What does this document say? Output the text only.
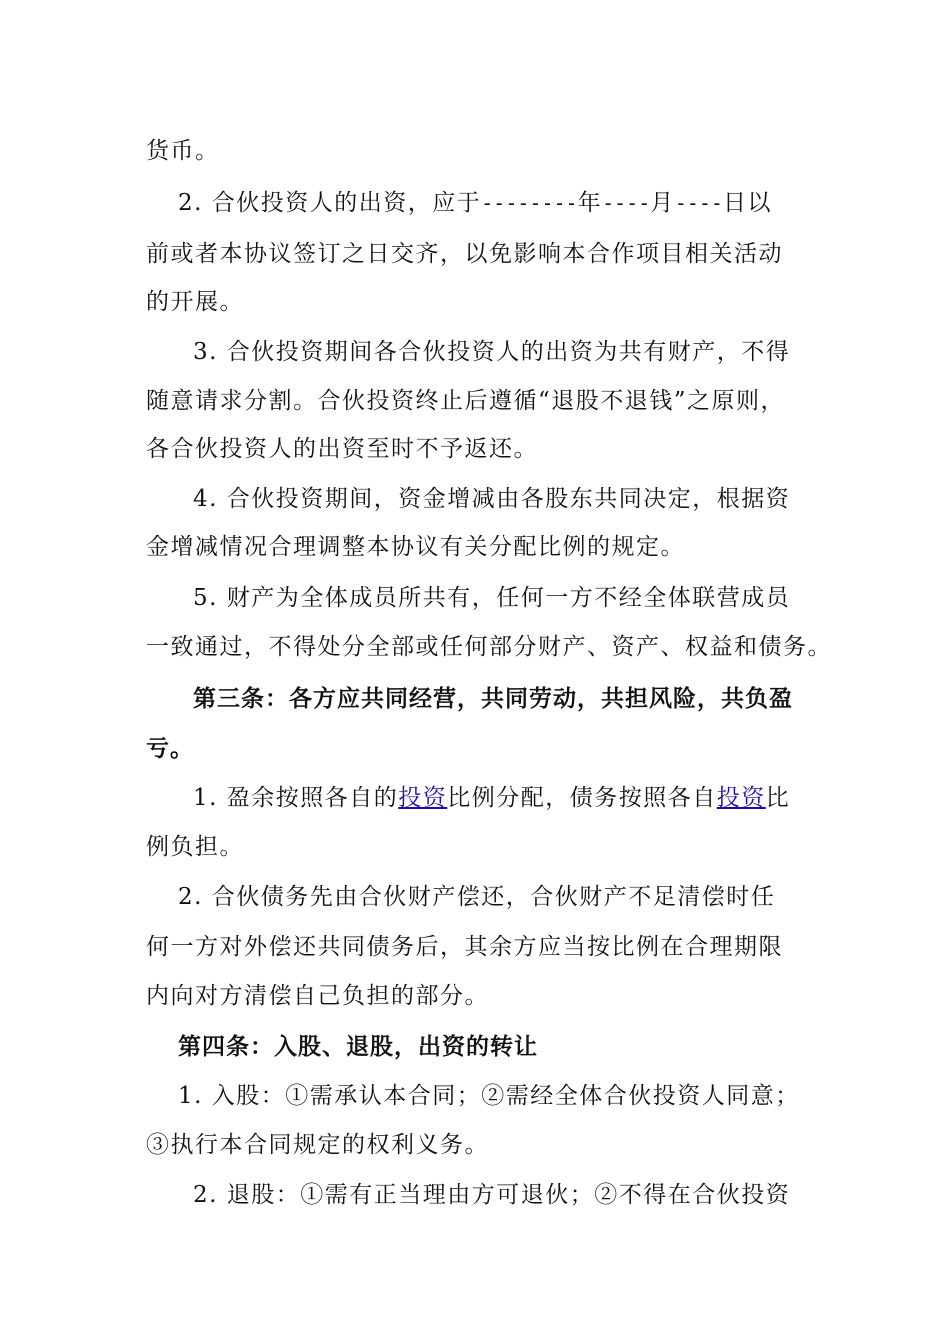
货币。
2. 合伙投资人的出资，应于--------年----月----日以
前或者本协议签订之日交齐，以免影响本合作项目相关活动
的开展。
3. 合伙投资期间各合伙投资人的出资为共有财产，不得
随意请求分割。合伙投资终止后遵循“退股不退钱”之原则，
各合伙投资人的出资至时不予返还。
4. 合伙投资期间，资金增减由各股东共同决定，根据资
金增减情况合理调整本协议有关分配比例的规定。
5. 财产为全体成员所共有，任何一方不经全体联营成员
一致通过，不得处分全部或任何部分财产、资产、权益和债务。
第三条：各方应共同经营，共同劳动，共担风险，共负盈
亏。
1. 盈余按照各自的投资比例分配，债务按照各自投资比
例负担。
2. 合伙债务先由合伙财产偿还，合伙财产不足清偿时任
何一方对外偿还共同债务后，其余方应当按比例在合理期限
内向对方清偿自己负担的部分。
第四条：入股、退股，出资的转让
1. 入股：①需承认本合同；②需经全体合伙投资人同意；
③执行本合同规定的权利义务。
2. 退股：①需有正当理由方可退伙；②不得在合伙投资
